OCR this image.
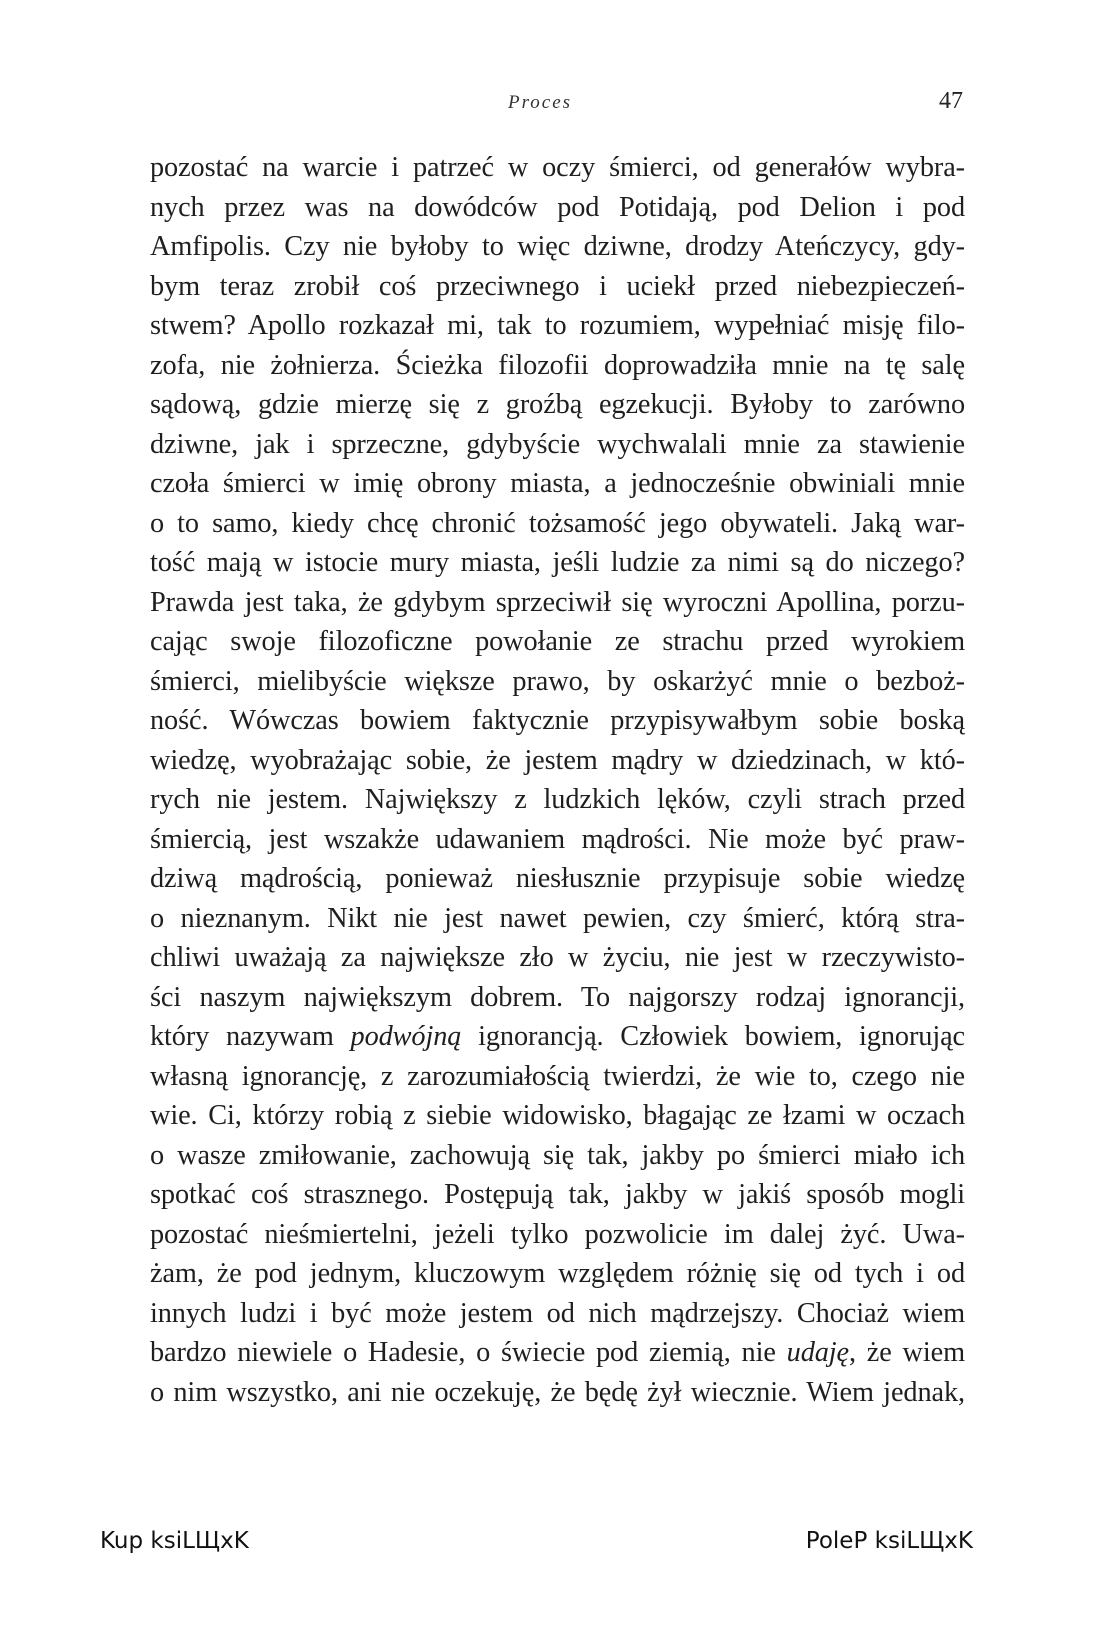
Proces	47
pozostać na warcie i patrzeć w oczy śmierci, od generałów wybra-
nych przez was na dowódców pod Potidają, pod Delion i pod
Amfipolis. Czy nie byłoby to więc dziwne, drodzy Ateńczycy, gdy-
bym teraz zrobił coś przeciwnego i uciekł przed niebezpieczeń-
stwem? Apollo rozkazał mi, tak to rozumiem, wypełniać misję filo-
zofa, nie żołnierza. Ścieżka filozofii doprowadziła mnie na tę salę
sądową, gdzie mierzę się z groźbą egzekucji. Byłoby to zarówno
dziwne, jak i sprzeczne, gdybyście wychwalali mnie za stawienie
czoła śmierci w imię obrony miasta, a jednocześnie obwiniali mnie
o to samo, kiedy chcę chronić tożsamość jego obywateli. Jaką war-
tość mają w istocie mury miasta, jeśli ludzie za nimi są do niczego?
Prawda jest taka, że gdybym sprzeciwił się wyroczni Apollina, porzu-
cając swoje filozoficzne powołanie ze strachu przed wyrokiem
śmierci, mielibyście większe prawo, by oskarżyć mnie o bezboż-
ność. Wówczas bowiem faktycznie przypisywałbym sobie boską
wiedzę, wyobrażając sobie, że jestem mądry w dziedzinach, w któ-
rych nie jestem. Największy z ludzkich lęków, czyli strach przed
śmiercią, jest wszakże udawaniem mądrości. Nie może być praw-
dziwą mądrością, ponieważ niesłusznie przypisuje sobie wiedzę
o nieznanym. Nikt nie jest nawet pewien, czy śmierć, którą stra-
chliwi uważają za największe zło w życiu, nie jest w rzeczywisto-
ści naszym największym dobrem. To najgorszy rodzaj ignorancji,
który nazywam podwójną ignorancją. Człowiek bowiem, ignorując
własną ignorancję, z zarozumiałością twierdzi, że wie to, czego nie
wie. Ci, którzy robią z siebie widowisko, błagając ze łzami w oczach
o wasze zmiłowanie, zachowują się tak, jakby po śmierci miało ich
spotkać coś strasznego. Postępują tak, jakby w jakiś sposób mogli
pozostać nieśmiertelni, jeżeli tylko pozwolicie im dalej żyć. Uwa-
żam, że pod jednym, kluczowym względem różnię się od tych i od
innych ludzi i być może jestem od nich mądrzejszy. Chociaż wiem
bardzo niewiele o Hadesie, o świecie pod ziemią, nie udaję, że wiem
o nim wszystko, ani nie oczekuję, że będę żył wiecznie. Wiem jednak,
Kup ksiLЩxK	PoleP ksiLЩxK
